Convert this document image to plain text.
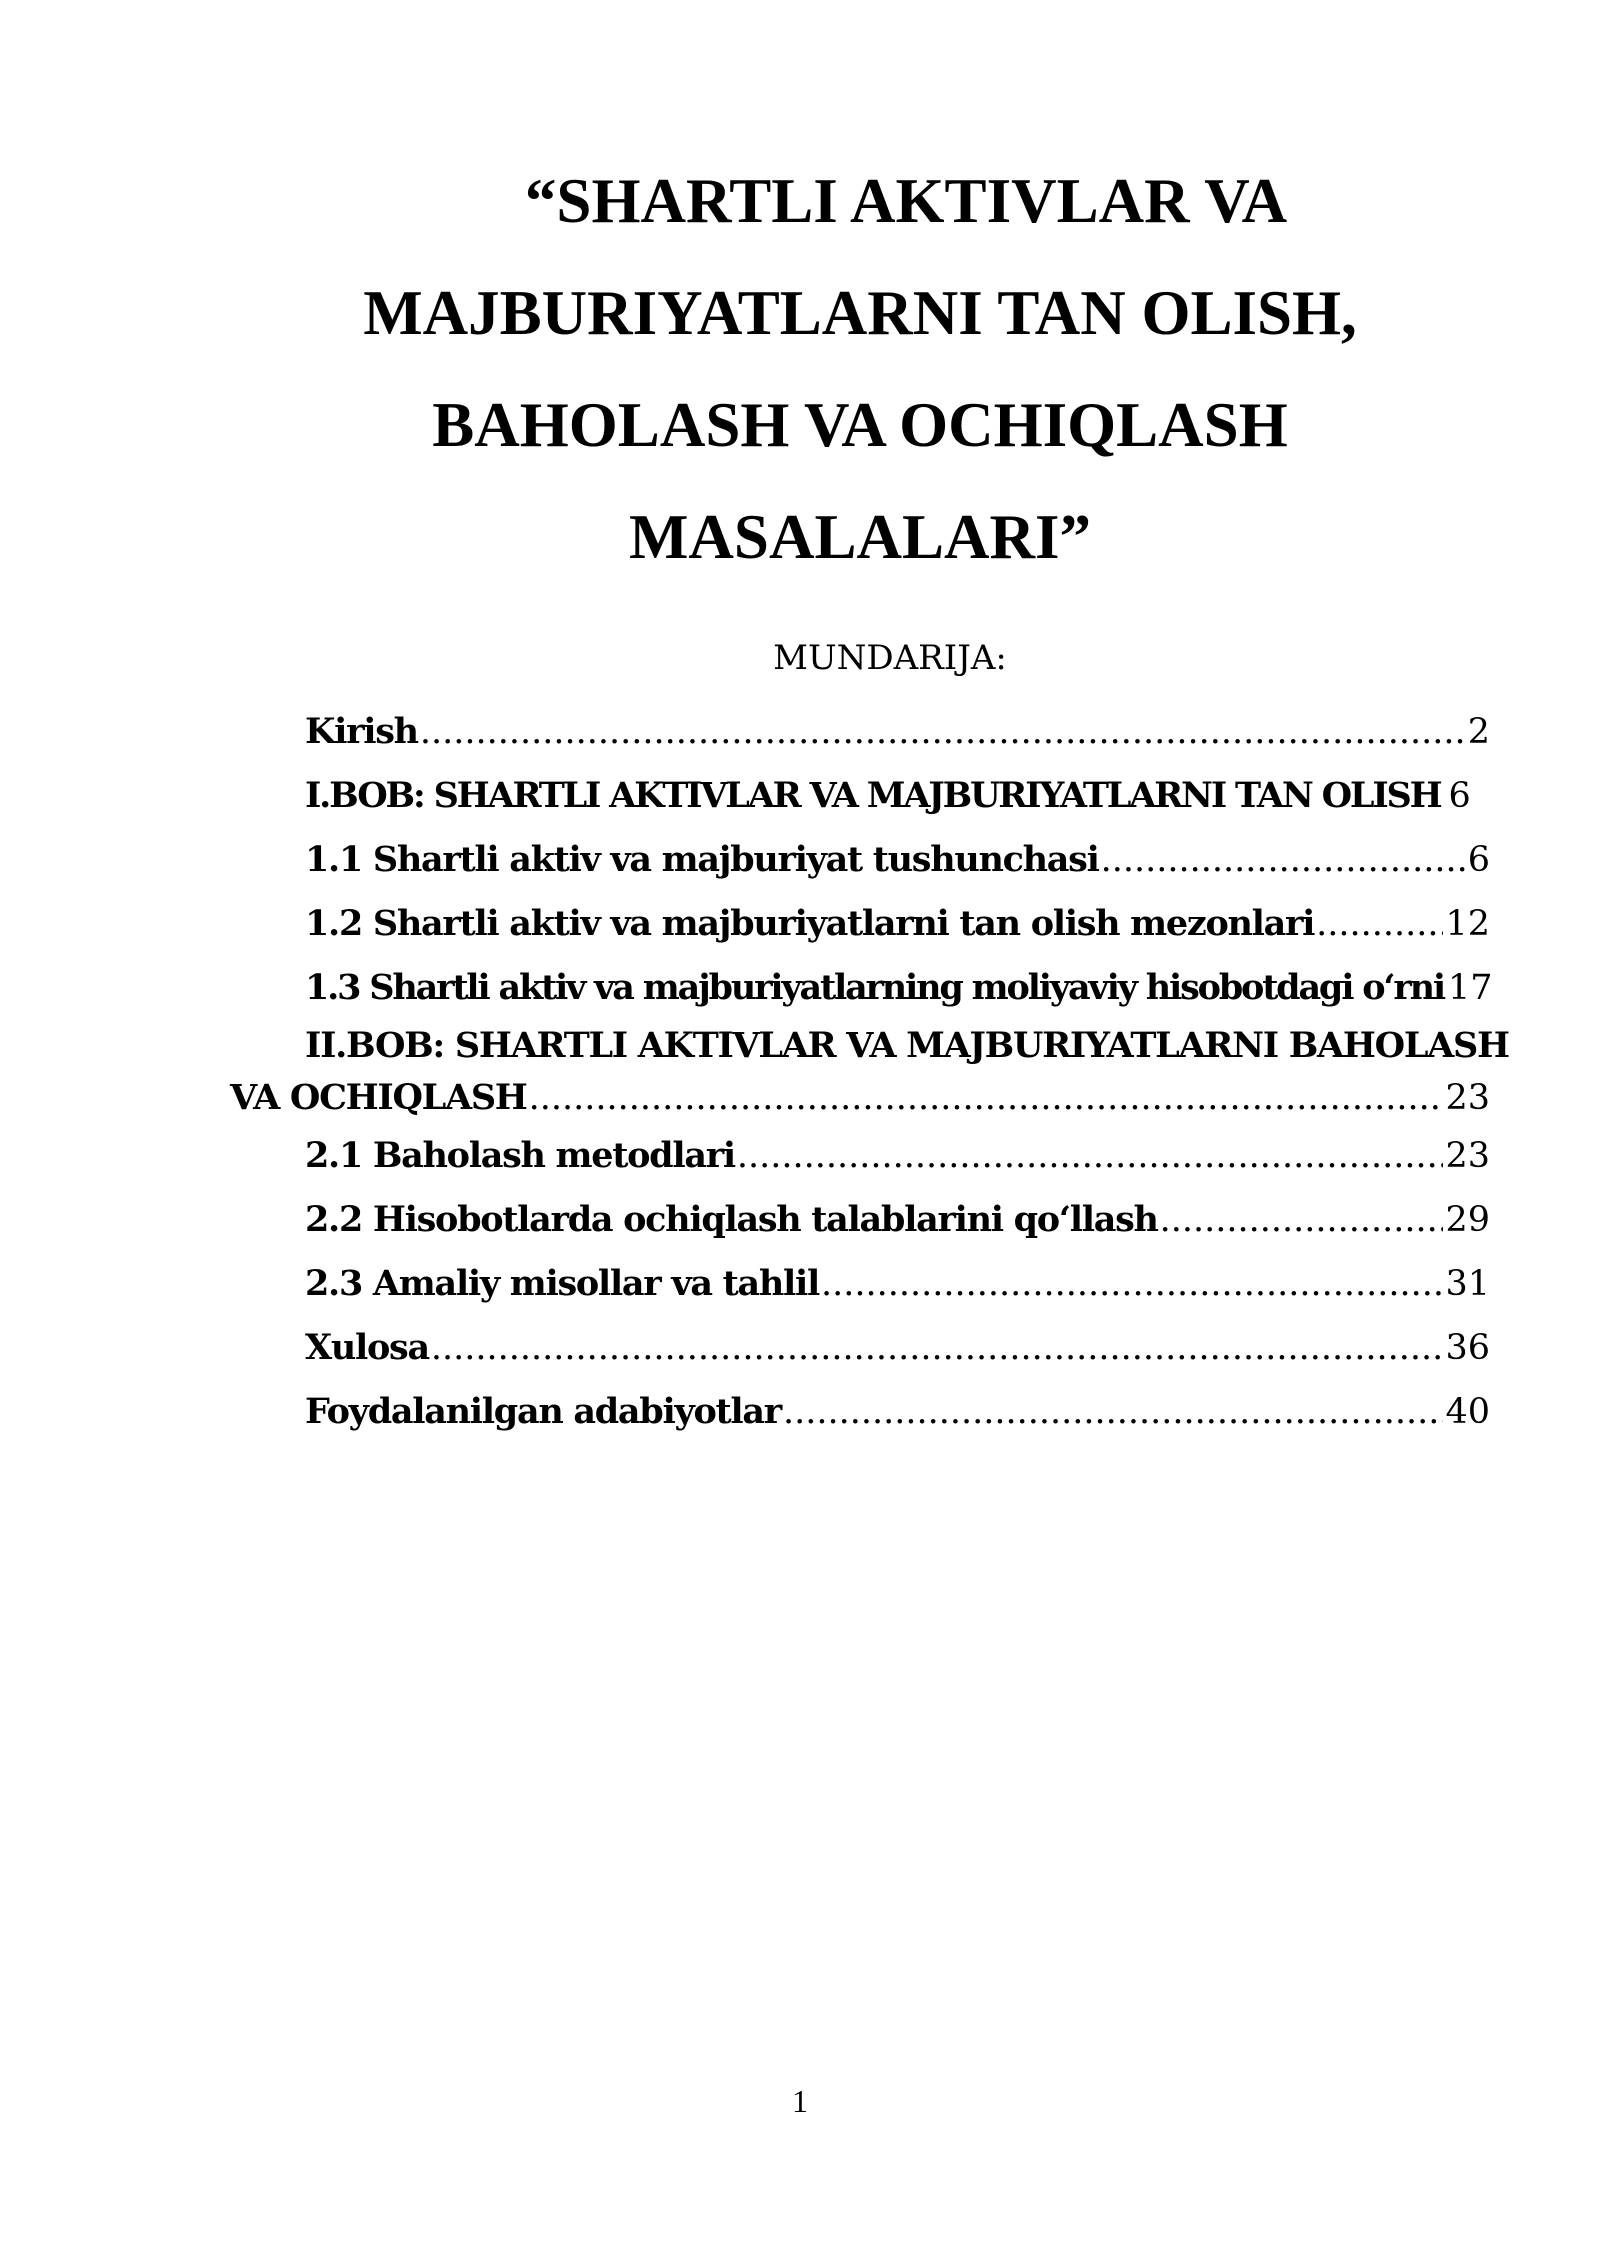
“SHARTLI AKTIVLAR VA
MAJBURIYATLARNI TAN OLISH,
BAHOLASH VA OCHIQLASH
MASALALARI”
MUNDARIJA:
Kirish .....	2
I.BOB: SHARTLI AKTIVLAR VA MAJBURIYATLARNI TAN OLISH 6
1.1 Shartli aktiv va majburiyat tushunchasi .....	6
1.2 Shartli aktiv va majburiyatlarni tan olish mezonlari .....	12
1.3 Shartli aktiv va majburiyatlarning moliyaviy hisobotdagi o‘rni 17
II.BOB: SHARTLI AKTIVLAR VA MAJBURIYATLARNI BAHOLASH
VA OCHIQLASH .....	23
2.1 Baholash metodlari .....	23
2.2 Hisobotlarda ochiqlash talablarini qo‘llash .....	29
2.3 Amaliy misollar va tahlil .....	31
Xulosa .....	36
Foydalanilgan adabiyotlar .....	40
1
